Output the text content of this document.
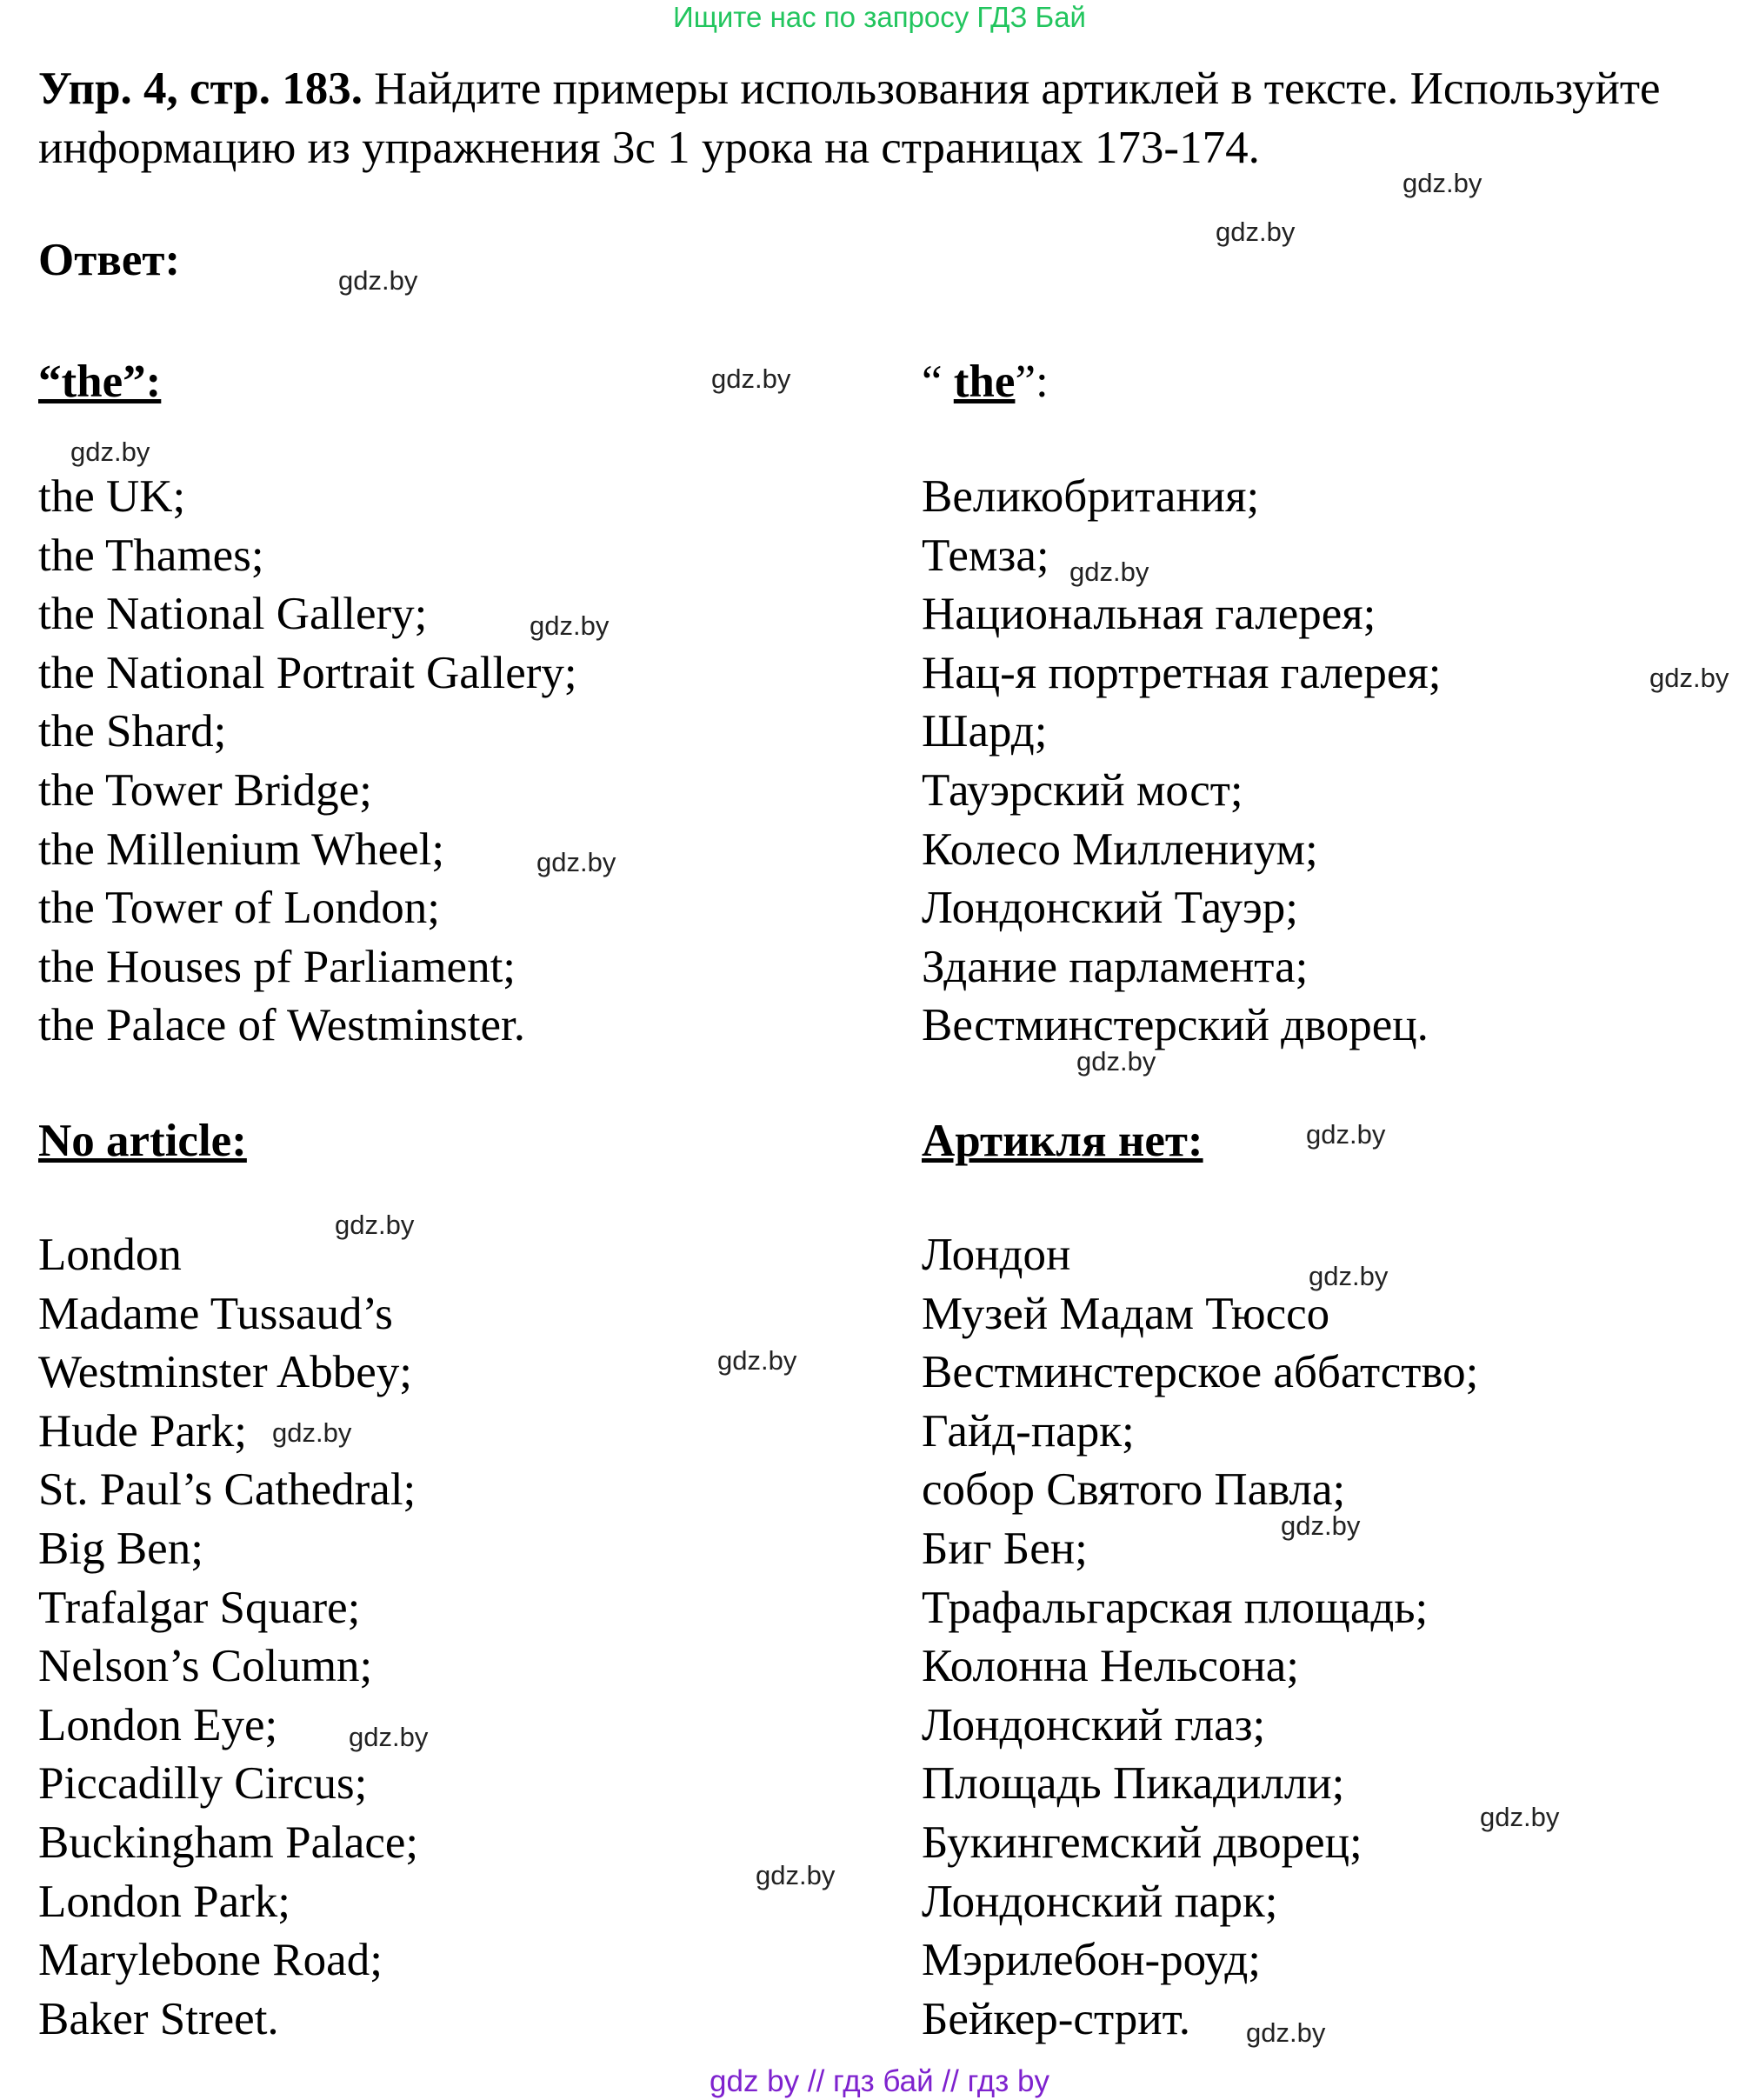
Ищите нас по запросу ГДЗ Бай
Упр. 4, стр. 183. Найдите примеры использования артиклей в тексте. Используйте информацию из упражнения 3с 1 урока на страницах 173-174.
Ответ:
“the”:	“ the”:
the UK;
the Thames;
the National Gallery;
the National Portrait Gallery;
the Shard;
the Tower Bridge;
the Millenium Wheel;
the Tower of London;
the Houses pf Parliament;
the Palace of Westminster.
Великобритания;
Темза;
Национальная галерея;
Нац-я портретная галерея;
Шард;
Тауэрский мост;
Колесо Миллениум;
Лондонский Тауэр;
Здание парламента;
Вестминстерский дворец.
No article:	Артикля нет:
London
Madame Tussaud’s
Westminster Abbey;
Hude Park;
St. Paul’s Cathedral;
Big Ben;
Trafalgar Square;
Nelson’s Column;
London Eye;
Piccadilly Circus;
Buckingham Palace;
London Park;
Marylebone Road;
Baker Street.
Лондон
Музей Мадам Тюссо
Вестминстерское аббатство;
Гайд-парк;
собор Святого Павла;
Биг Бен;
Трафальгарская площадь;
Колонна Нельсона;
Лондонский глаз;
Площадь Пикадилли;
Букингемский дворец;
Лондонский парк;
Мэрилебон-роуд;
Бейкер-стрит.
gdz.by
gdz.by
gdz.by
gdz.by
gdz.by
gdz.by
gdz.by
gdz.by
gdz.by
gdz.by
gdz.by
gdz.by
gdz.by
gdz.by
gdz.by
gdz.by
gdz.by
gdz.by
gdz.by
gdz.by
gdz by // гдз бай // гдз by
